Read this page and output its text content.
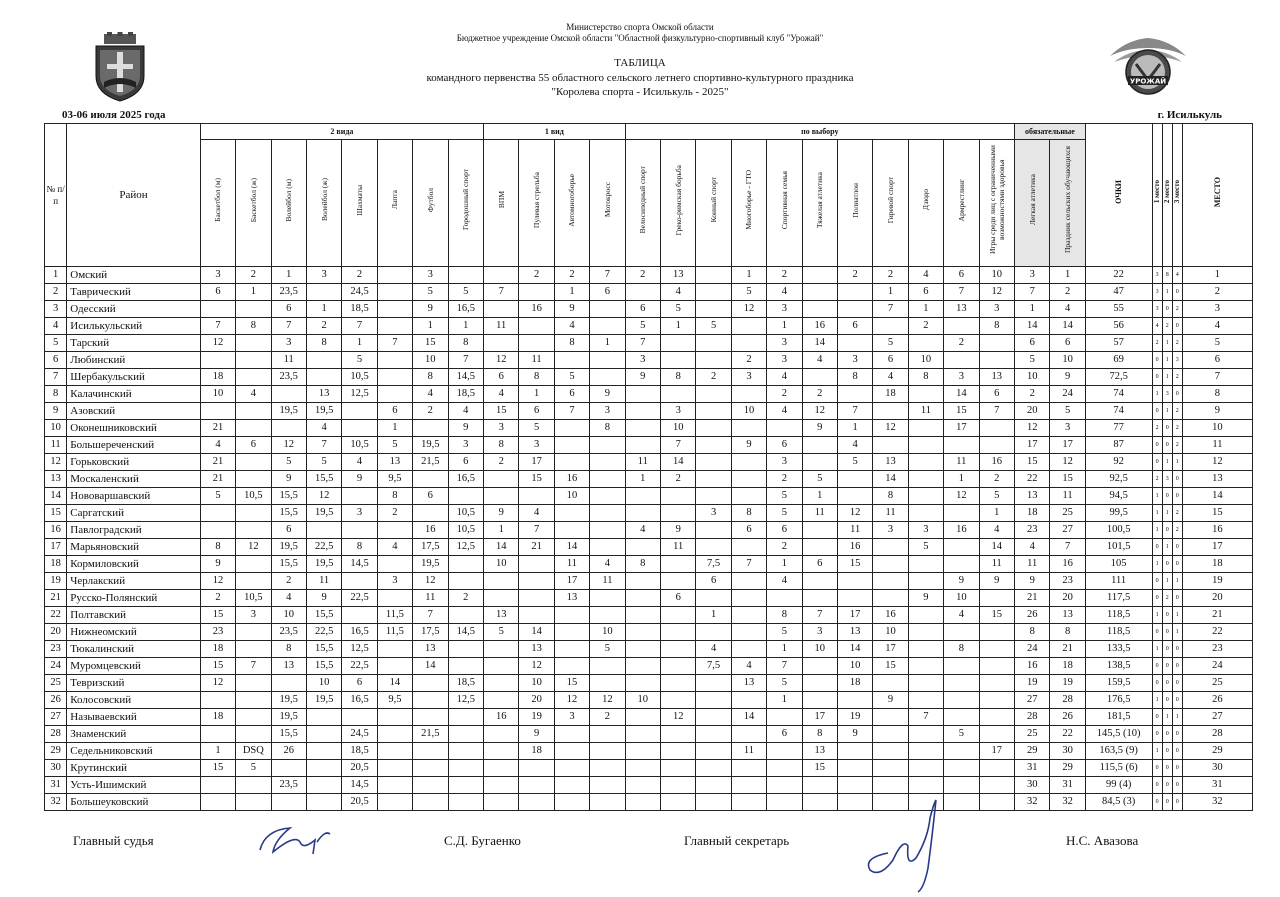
УРОЖАЙ
Министерство спорта Омской области
Бюджетное учреждение Омской области "Областной физкультурно-спортивный клуб "Урожай"
ТАБЛИЦА
командного первенства 55 областного сельского летнего спортивно-культурного праздника
"Королева спорта - Исилькуль - 2025"
03-06 июля 2025 года	г. Исилькуль
№ п/п	Район	2 вида								1 вид				по выбору											обязательные		ОЧКИ	1 место	2 место	3 место	МЕСТО
		Баскетбол (м)	Баскетбол (ж)	Волейбол (м)	Волейбол (ж)	Шахматы	Лапта	Футбол	Городошный спорт	ВПМ	Пулевая стрельба	Автомногоборье	Мотокросс	Велосипедный спорт	Греко-римская борьба	Конный спорт	Многоборье - ГТО	Спортивная семья	Тяжелая атлетика	Полиатлон	Гиревой спорт	Дзюдо	Армрестлинг	Игры среди лиц с ограниченными возможностями здоровья	Легкая атлетика	Праздник сельских обучающихся					
1	Омский	3	2	1	3	2		3			2	2	7	2	13		1	2		2	2	4	6	10	3	1	22	3	8	4	1
2	Таврический	6	1	23,5		24,5		5	5	7		1	6		4		5	4			1	6	7	12	7	2	47	3	1	0	2
3	Одесский			6	1	18,5		9	16,5		16	9		6	5		12	3			7	1	13	3	1	4	55	3	0	2	3
4	Исилькульский	7	8	7	2	7		1	1	11		4		5	1	5		1	16	6		2		8	14	14	56	4	2	0	4
5	Тарский	12		3	8	1	7	15	8			8	1	7				3	14		5		2		6	6	57	2	1	2	5
6	Любинский			11		5		10	7	12	11			3			2	3	4	3	6	10			5	10	69	0	1	3	6
7	Шербакульский	18		23,5		10,5		8	14,5	6	8	5		9	8	2	3	4		8	4	8	3	13	10	9	72,5	0	1	2	7
8	Калачинский	10	4		13	12,5		4	18,5	4	1	6	9					2	2		18		14	6	2	24	74	1	3	0	8
9	Азовский			19,5	19,5		6	2	4	15	6	7	3		3		10	4	12	7		11	15	7	20	5	74	0	1	2	9
10	Оконешниковский	21			4		1		9	3	5		8		10				9	1	12		17		12	3	77	2	0	2	10
11	Большереченский	4	6	12	7	10,5	5	19,5	3	8	3				7		9	6		4					17	17	87	0	0	2	11
12	Горьковский	21		5	5	4	13	21,5	6	2	17			11	14			3		5	13		11	16	15	12	92	0	1	1	12
13	Москаленский	21		9	15,5	9	9,5		16,5		15	16		1	2			2	5		14		1	2	22	15	92,5	2	3	0	13
14	Нововаршавский	5	10,5	15,5	12		8	6				10						5	1		8		12	5	13	11	94,5	1	0	0	14
15	Саргатский			15,5	19,5	3	2		10,5	9	4					3	8	5	11	12	11			1	18	25	99,5	1	1	2	15
16	Павлоградский			6				16	10,5	1	7			4	9		6	6		11	3	3	16	4	23	27	100,5	1	0	2	16
17	Марьяновский	8	12	19,5	22,5	8	4	17,5	12,5	14	21	14			11			2		16		5		14	4	7	101,5	0	1	0	17
18	Кормиловский	9		15,5	19,5	14,5		19,5		10		11	4	8		7,5	7	1	6	15				11	11	16	105	1	0	0	18
19	Черлакский	12		2	11		3	12				17	11			6		4					9	9	9	23	111	0	1	1	19
21	Русско-Полянский	2	10,5	4	9	22,5		11	2			13			6							9	10		21	20	117,5	0	2	0	20
22	Полтавский	15	3	10	15,5		11,5	7		13						1		8	7	17	16		4	15	26	13	118,5	1	0	1	21
20	Нижнеомский	23		23,5	22,5	16,5	11,5	17,5	14,5	5	14		10					5	3	13	10				8	8	118,5	0	0	1	22
23	Тюкалинский	18		8	15,5	12,5		13			13		5			4		1	10	14	17		8		24	21	133,5	1	0	0	23
24	Муромцевский	15	7	13	15,5	22,5		14			12					7,5	4	7		10	15				16	18	138,5	0	0	0	24
25	Тевризский	12			10	6	14		18,5		10	15					13	5		18					19	19	159,5	0	0	0	25
26	Колосовский			19,5	19,5	16,5	9,5		12,5		20	12	12	10				1			9				27	28	176,5	1	0	0	26
27	Называевский	18		19,5						16	19	3	2		12		14		17	19		7			28	26	181,5	0	1	1	27
28	Знаменский			15,5		24,5		21,5			9							6	8	9			5		25	22	145,5 (10)	0	0	0	28
29	Седельниковский	1	DSQ	26		18,5					18						11		13					17	29	30	163,5 (9)	1	0	0	29
30	Крутинский	15	5			20,5													15						31	29	115,5 (6)	0	0	0	30
31	Усть-Ишимский			23,5		14,5																			30	31	99 (4)	0	0	0	31
32	Большеуковский					20,5																			32	32	84,5 (3)	0	0	0	32
Главный судья	С.Д. Бугаенко	Главный секретарь	Н.С. Авазова
